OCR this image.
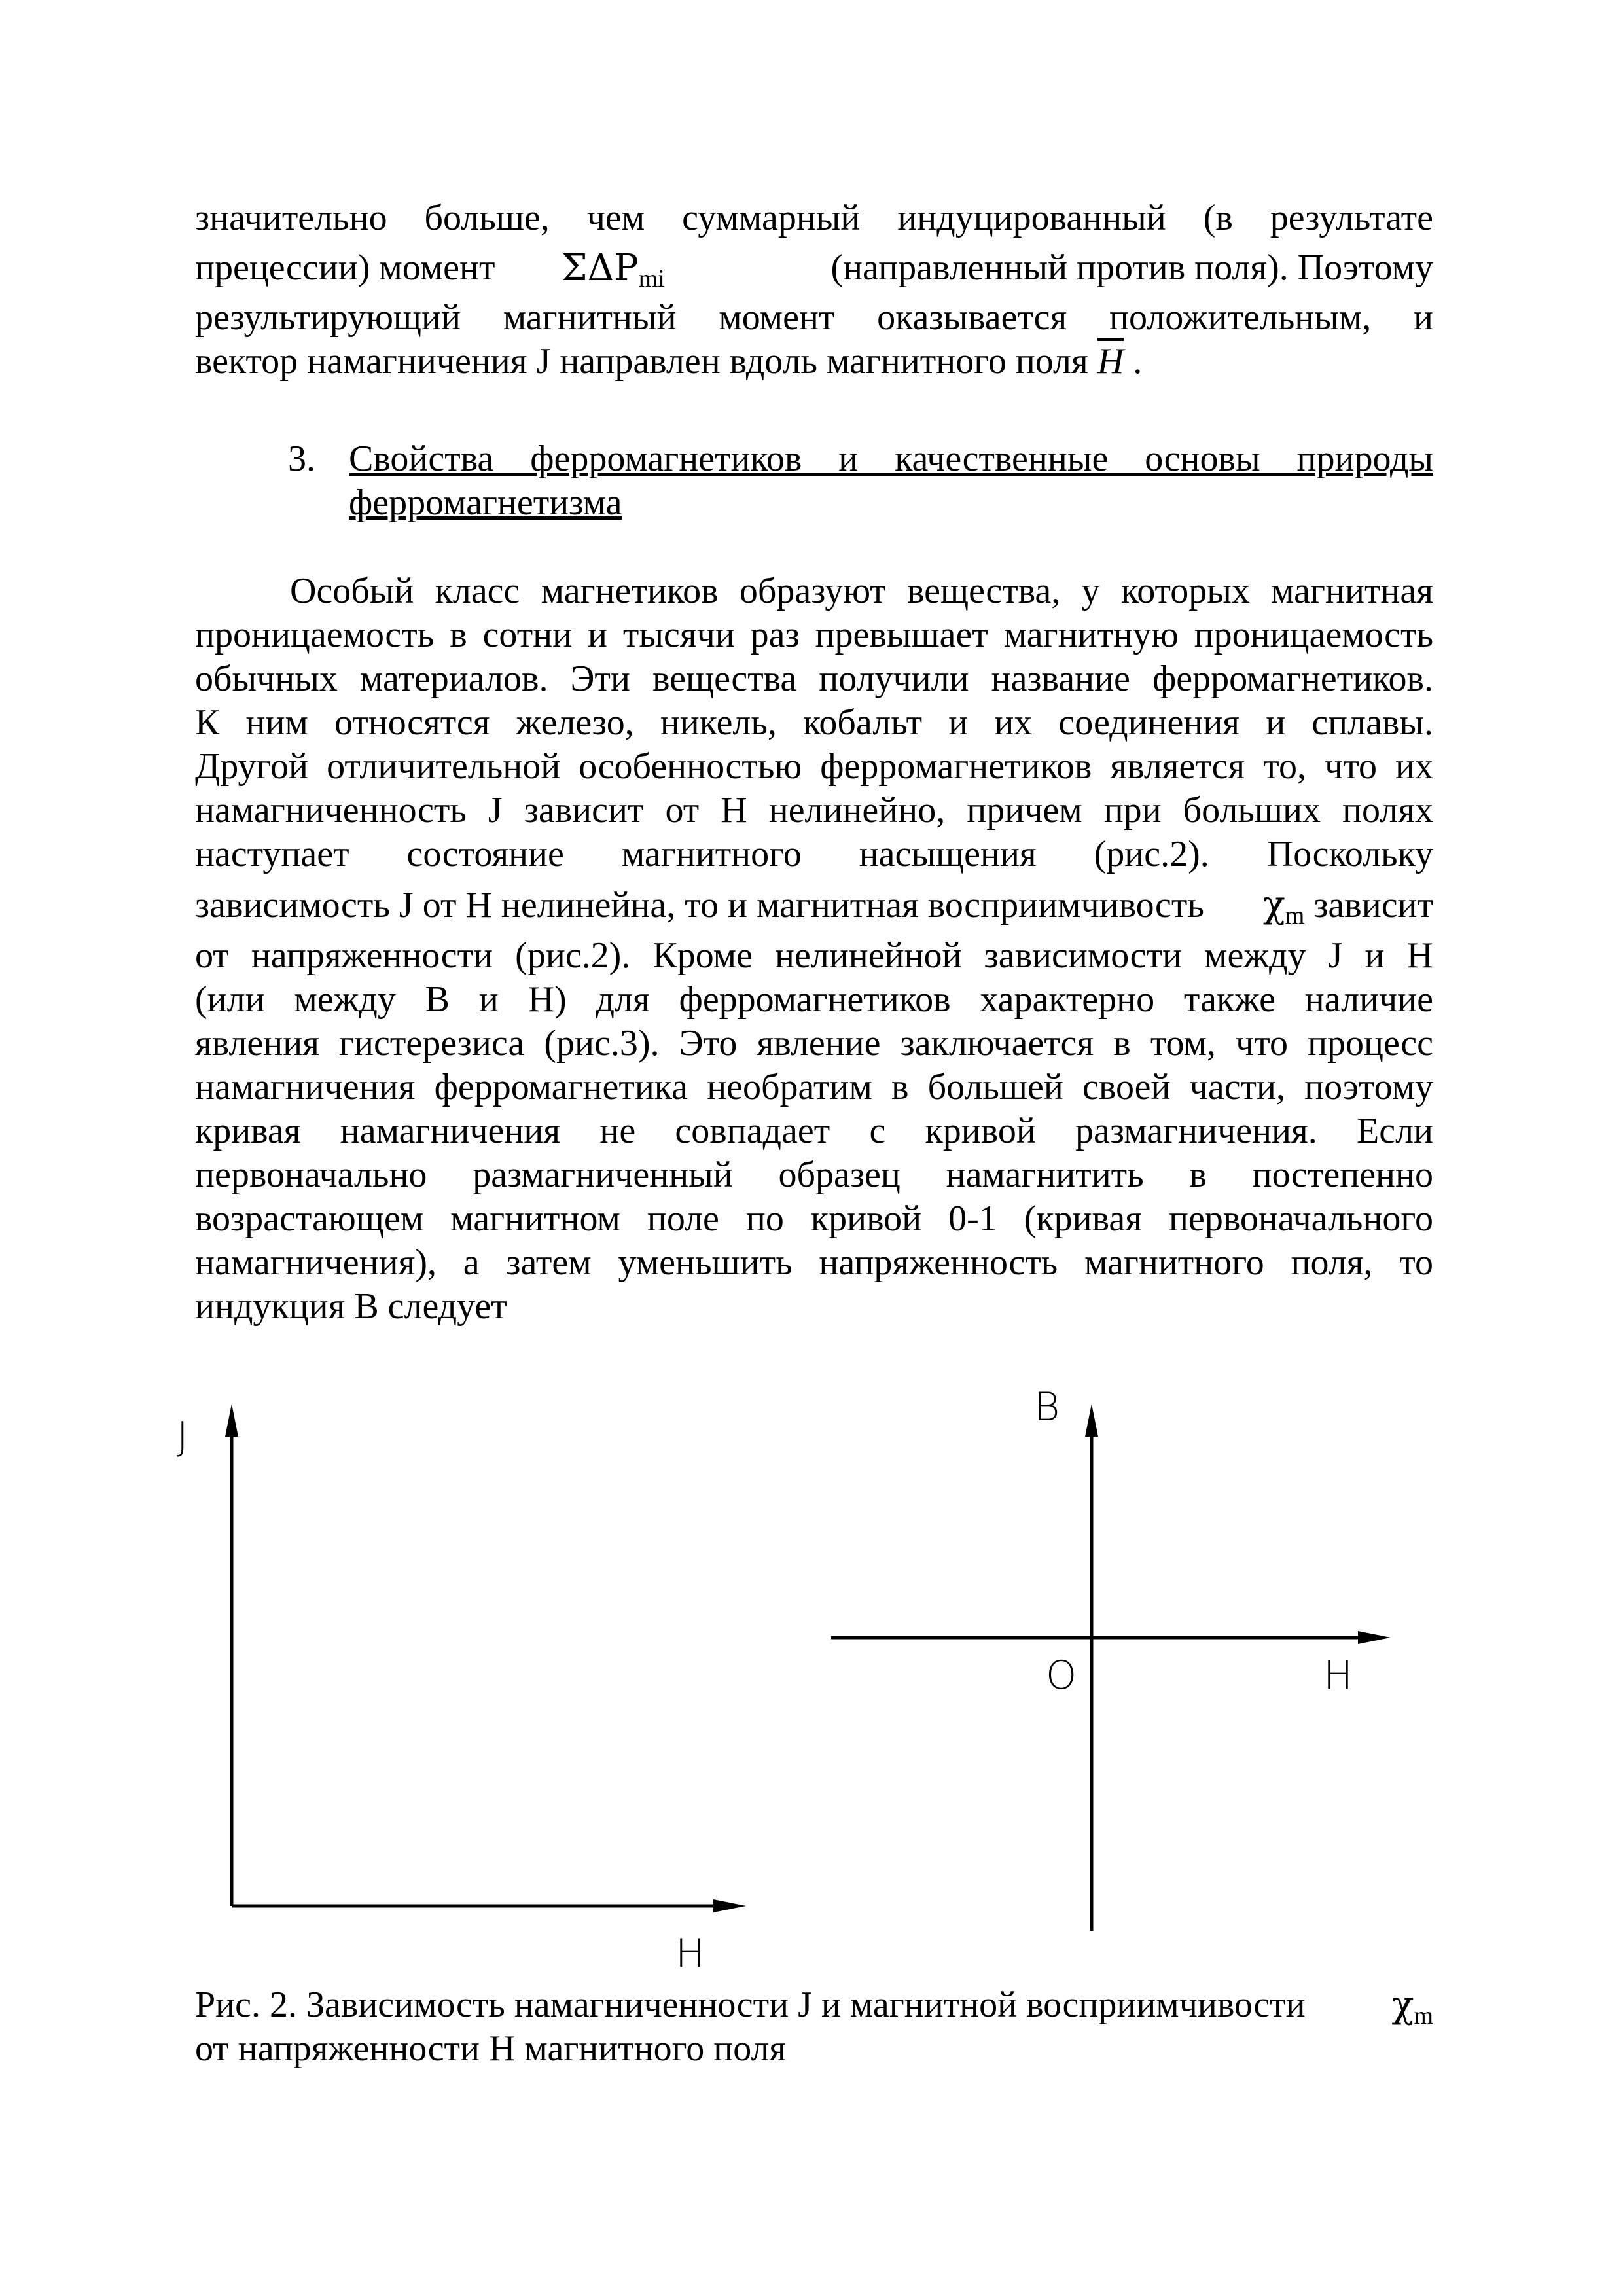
значительно больше, чем суммарный индуцированный (в результате
прецессии) момент $\Sigma\Delta P_{mi}$	(направленный против поля). Поэтому
результирующий магнитный момент оказывается положительным, и
вектор намагничения J направлен вдоль магнитного поля $\overline{H}$ .
3. Свойства ферромагнетиков и качественные основы природы
ферромагнетизма
Особый класс магнетиков образуют вещества, у которых магнитная
проницаемость в сотни и тысячи раз превышает магнитную проницаемость
обычных материалов. Эти вещества получили название ферромагнетиков.
К ним относятся железо, никель, кобальт и их соединения и сплавы.
Другой отличительной особенностью ферромагнетиков является то, что их
намагниченность J зависит от H нелинейно, причем при больших полях
наступает состояние магнитного насыщения (рис.2). Поскольку
зависимость J от H нелинейна, то и магнитная восприимчивость $\chi_m$ зависит
от напряженности (рис.2). Кроме нелинейной зависимости между J и H
(или между B и H) для ферромагнетиков характерно также наличие
явления гистерезиса (рис.3). Это явление заключается в том, что процесс
намагничения ферромагнетика необратим в большей своей части, поэтому
кривая намагничения не совпадает с кривой размагничения. Если
первоначально размагниченный образец намагнитить в постепенно
возрастающем магнитном поле по кривой 0-1 (кривая первоначального
намагничения), а затем уменьшить напряженность магнитного поля, то
индукция B следует
J
H
B
O	H
Рис. 2. Зависимость намагниченности J и магнитной восприимчивости $\chi_m$
от напряженности H магнитного поля
